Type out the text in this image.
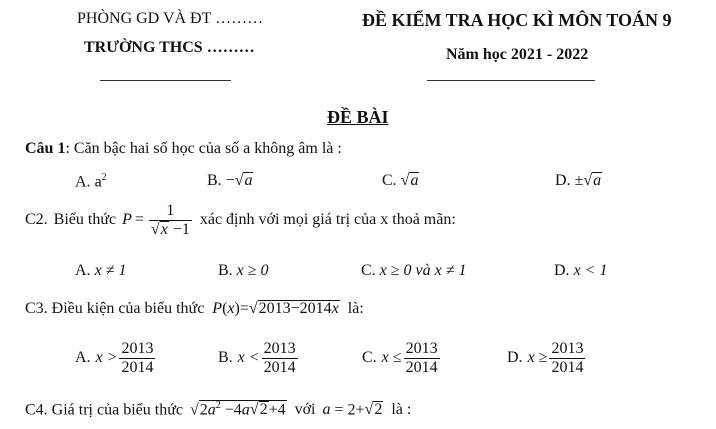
PHÒNG GD VÀ ĐT ………
TRƯỜNG THCS ………
ĐỀ KIỂM TRA HỌC KÌ MÔN TOÁN 9
Năm học 2021 - 2022
ĐỀ BÀI
Câu 1: Căn bậc hai số học của số a không âm là :
A. $a^2$	B. −√a	C. √a	D. ±√a
C2. Biểu thức $P = \frac{1}{√x -1}$ xác định với mọi giá trị của x thoả mãn:
A. x ≠ 1	B. x ≥ 0	C. x ≥ 0 và x ≠ 1	D. x < 1
C3. Điều kiện của biểu thức P(x)=√2013−2014x là:
A. $x > \frac{2013}{2014}$	B. $x < \frac{2013}{2014}$	C. $x \le \frac{2013}{2014}$	D. $x \ge \frac{2013}{2014}$
C4. Giá trị của biểu thức $√2a^2 -4a√2+4$ với a = 2+√2 là :
